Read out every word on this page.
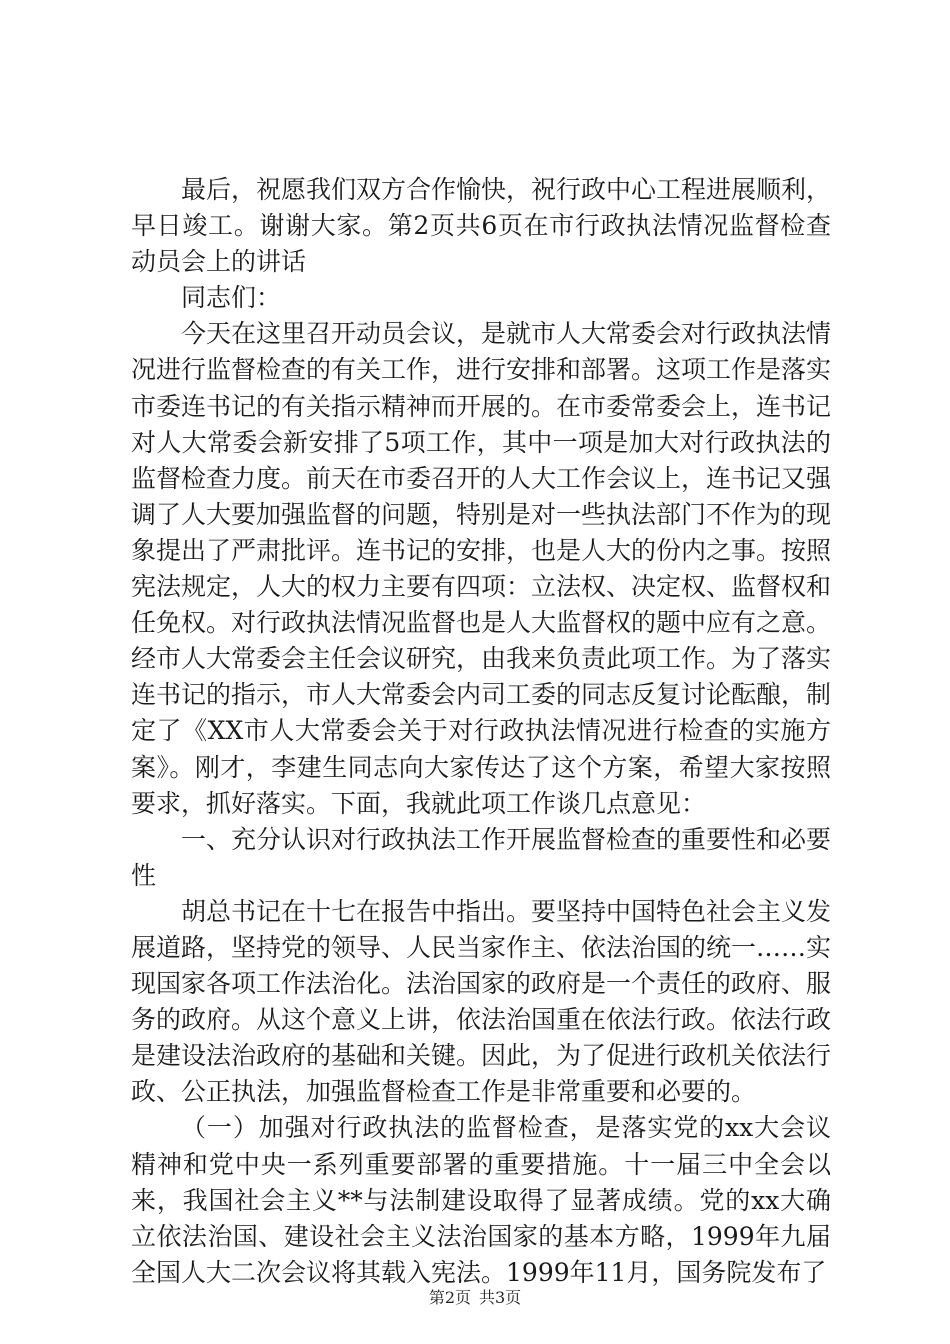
最后，祝愿我们双方合作愉快，祝行政中心工程进展顺利，早日竣工。谢谢大家。第2页共6页在市行政执法情况监督检查动员会上的讲话

同志们：

今天在这里召开动员会议，是就市人大常委会对行政执法情况进行监督检查的有关工作，进行安排和部署。这项工作是落实市委连书记的有关指示精神而开展的。在市委常委会上，连书记对人大常委会新安排了5项工作，其中一项是加大对行政执法的监督检查力度。前天在市委召开的人大工作会议上，连书记又强调了人大要加强监督的问题，特别是对一些执法部门不作为的现象提出了严肃批评。连书记的安排，也是人大的份内之事。按照宪法规定，人大的权力主要有四项：立法权、决定权、监督权和任免权。对行政执法情况监督也是人大监督权的题中应有之意。经市人大常委会主任会议研究，由我来负责此项工作。为了落实连书记的指示，市人大常委会内司工委的同志反复讨论酝酿，制定了《XX市人大常委会关于对行政执法情况进行检查的实施方案》。刚才，李建生同志向大家传达了这个方案，希望大家按照要求，抓好落实。下面，我就此项工作谈几点意见：

一、充分认识对行政执法工作开展监督检查的重要性和必要性

胡总书记在十七在报告中指出。要坚持中国特色社会主义发展道路，坚持党的领导、人民当家作主、依法治国的统一……实现国家各项工作法治化。法治国家的政府是一个责任的政府、服务的政府。从这个意义上讲，依法治国重在依法行政。依法行政是建设法治政府的基础和关键。因此，为了促进行政机关依法行政、公正执法，加强监督检查工作是非常重要和必要的。

（一）加强对行政执法的监督检查，是落实党的xx大会议精神和党中央一系列重要部署的重要措施。十一届三中全会以来，我国社会主义**与法制建设取得了显著成绩。党的xx大确立依法治国、建设社会主义法治国家的基本方略，1999年九届全国人大二次会议将其载入宪法。1999年11月，国务院发布了

第2页 共3页
